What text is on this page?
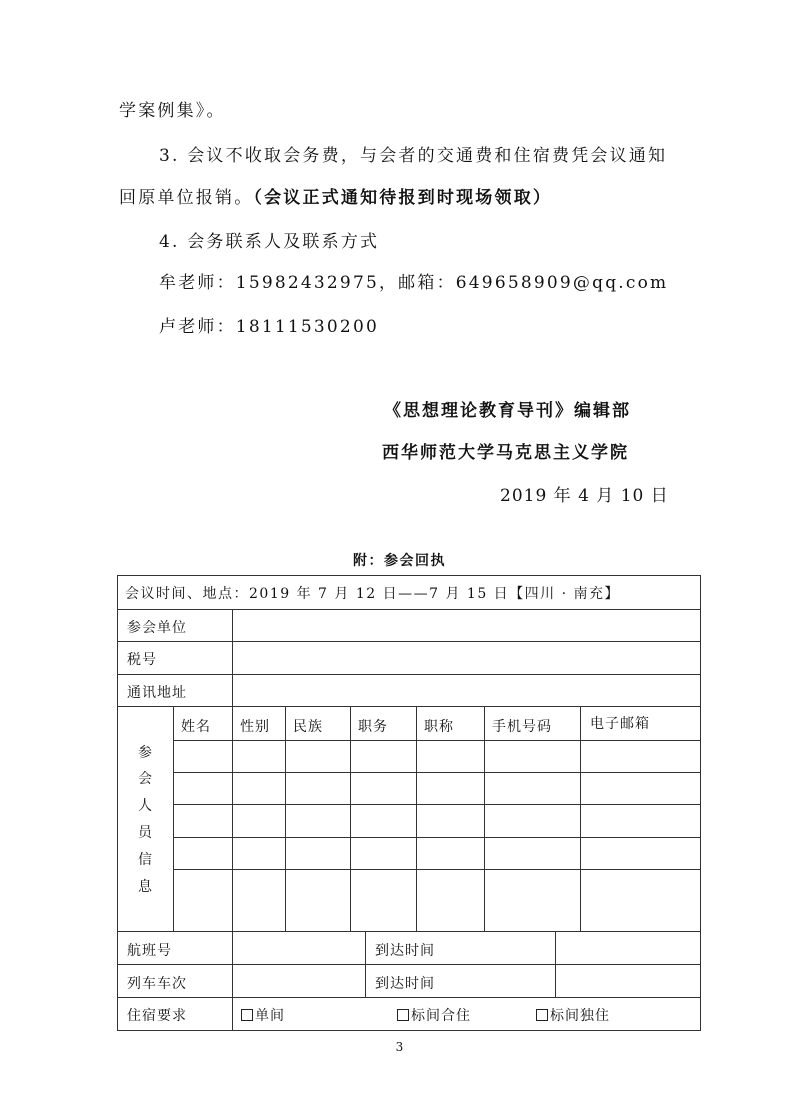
学案例集》。
3. 会议不收取会务费，与会者的交通费和住宿费凭会议通知
回原单位报销。（会议正式通知待报到时现场领取）
4. 会务联系人及联系方式
牟老师：15982432975，邮箱：649658909@qq.com
卢老师：18111530200
《思想理论教育导刊》编辑部
西华师范大学马克思主义学院
2019 年 4 月 10 日
附：参会回执
会议时间、地点：2019 年 7 月 12 日——7 月 15 日【四川 · 南充】
参会单位
税号
通讯地址
参
会
人
员
信
息
姓名 性别 民族	职务	职称	手机号码	电子邮箱
航班号	到达时间
列车车次	到达时间
住宿要求	单间	标间合住	标间独住
3
